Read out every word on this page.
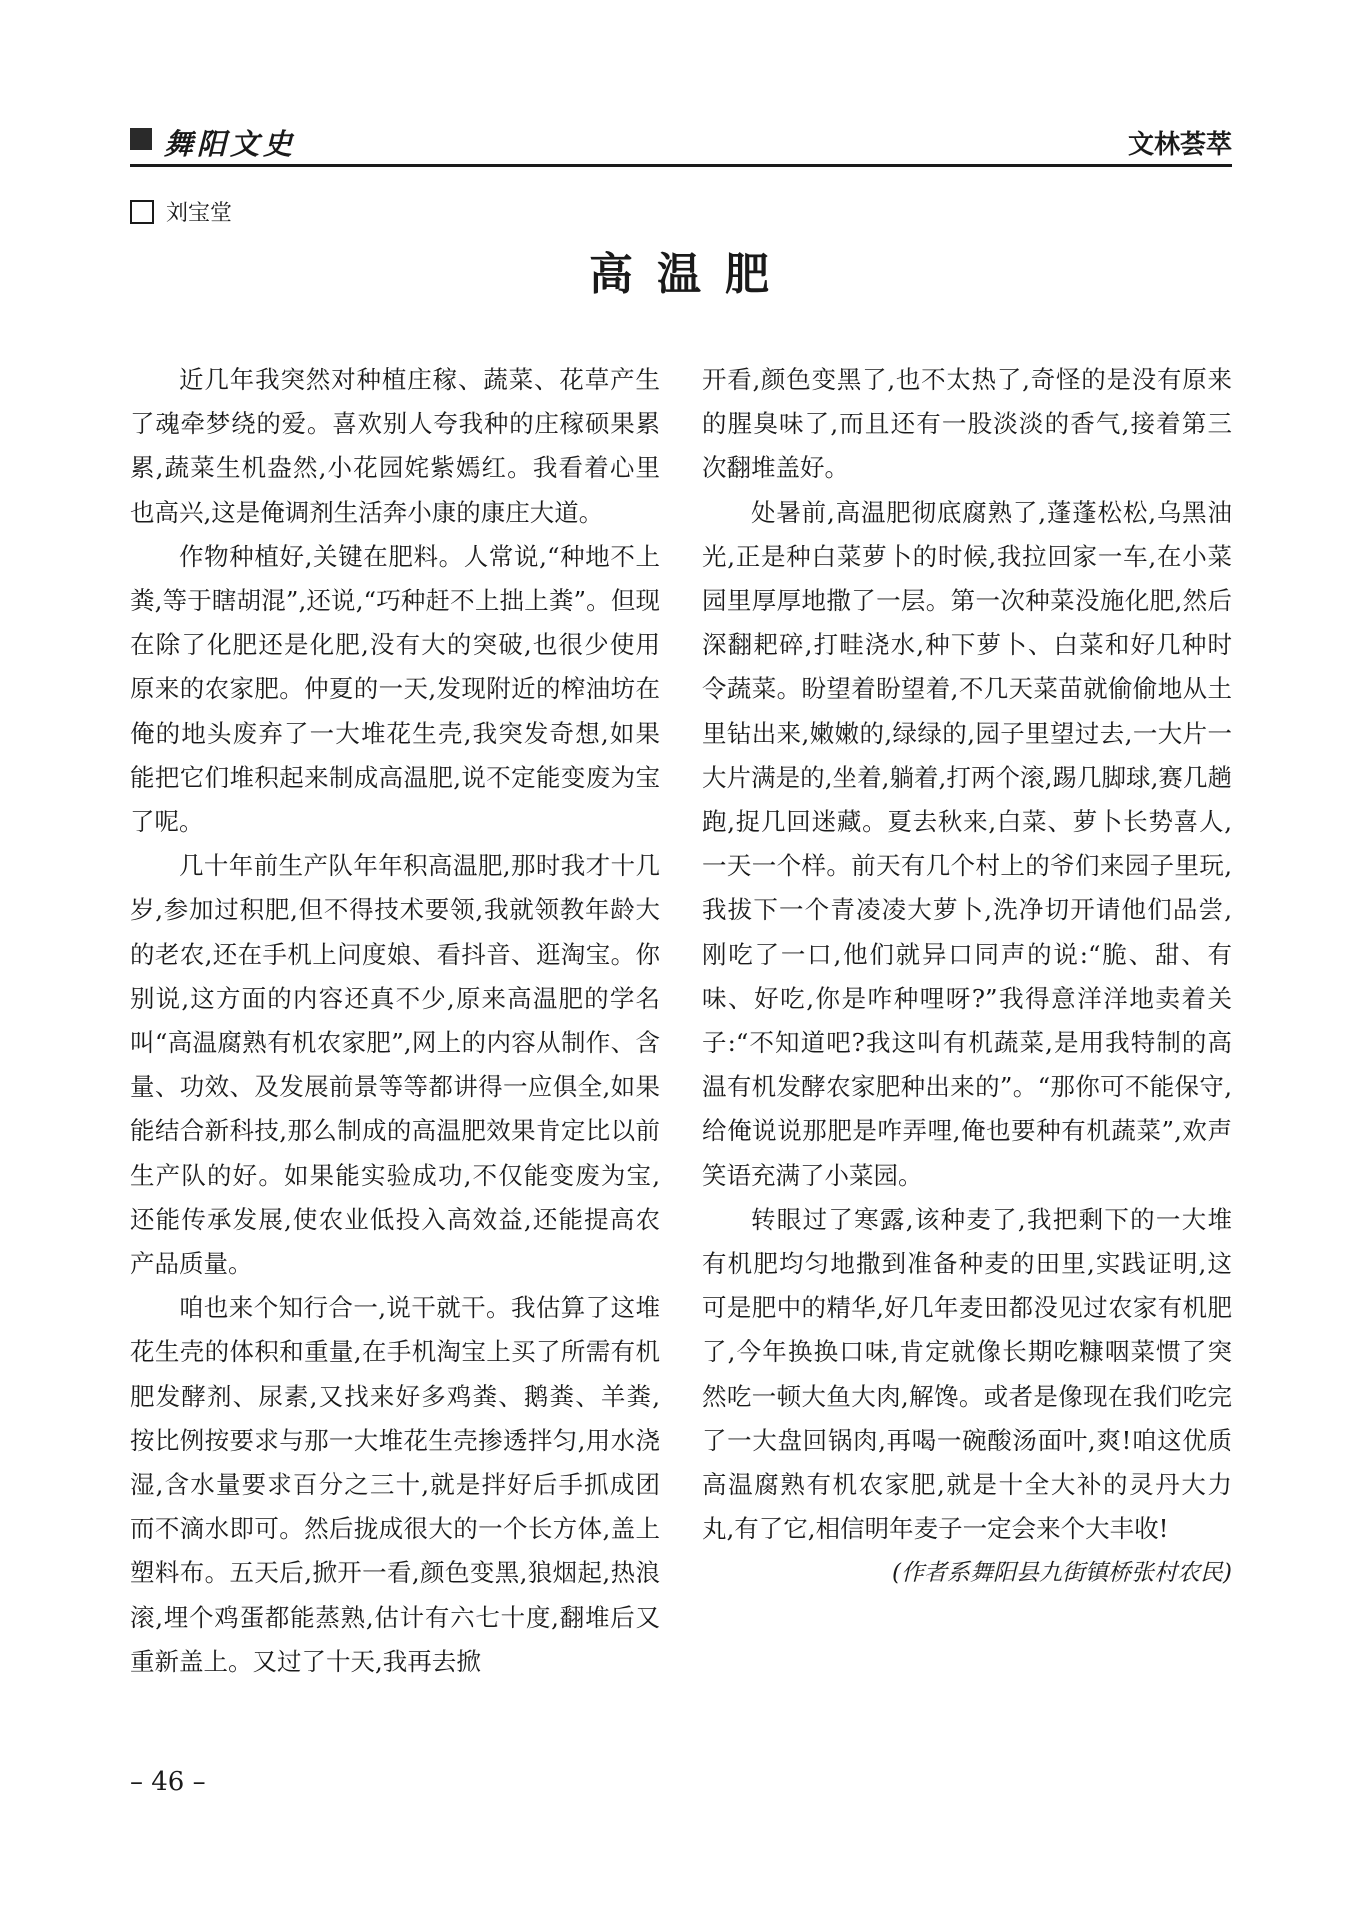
舞阳文史	文林荟萃
刘宝堂
高温肥

近几年我突然对种植庄稼、蔬菜、花草产生了魂牵梦绕的爱。喜欢别人夸我种的庄稼硕果累累,蔬菜生机盎然,小花园姹紫嫣红。我看着心里也高兴,这是俺调剂生活奔小康的康庄大道。

作物种植好,关键在肥料。人常说,“种地不上粪,等于瞎胡混”,还说,“巧种赶不上拙上粪”。但现在除了化肥还是化肥,没有大的突破,也很少使用原来的农家肥。仲夏的一天,发现附近的榨油坊在俺的地头废弃了一大堆花生壳,我突发奇想,如果能把它们堆积起来制成高温肥,说不定能变废为宝了呢。

几十年前生产队年年积高温肥,那时我才十几岁,参加过积肥,但不得技术要领,我就领教年龄大的老农,还在手机上问度娘、看抖音、逛淘宝。你别说,这方面的内容还真不少,原来高温肥的学名叫“高温腐熟有机农家肥”,网上的内容从制作、含量、功效、及发展前景等等都讲得一应俱全,如果能结合新科技,那么制成的高温肥效果肯定比以前生产队的好。如果能实验成功,不仅能变废为宝,还能传承发展,使农业低投入高效益,还能提高农产品质量。

咱也来个知行合一,说干就干。我估算了这堆花生壳的体积和重量,在手机淘宝上买了所需有机肥发酵剂、尿素,又找来好多鸡粪、鹅粪、羊粪,按比例按要求与那一大堆花生壳掺透拌匀,用水浇湿,含水量要求百分之三十,就是拌好后手抓成团而不滴水即可。然后拢成很大的一个长方体,盖上塑料布。五天后,掀开一看,颜色变黑,狼烟起,热浪滚,埋个鸡蛋都能蒸熟,估计有六七十度,翻堆后又重新盖上。又过了十天,我再去掀

开看,颜色变黑了,也不太热了,奇怪的是没有原来的腥臭味了,而且还有一股淡淡的香气,接着第三次翻堆盖好。

处暑前,高温肥彻底腐熟了,蓬蓬松松,乌黑油光,正是种白菜萝卜的时候,我拉回家一车,在小菜园里厚厚地撒了一层。第一次种菜没施化肥,然后深翻耙碎,打畦浇水,种下萝卜、白菜和好几种时令蔬菜。盼望着盼望着,不几天菜苗就偷偷地从土里钻出来,嫩嫩的,绿绿的,园子里望过去,一大片一大片满是的,坐着,躺着,打两个滚,踢几脚球,赛几趟跑,捉几回迷藏。夏去秋来,白菜、萝卜长势喜人,一天一个样。前天有几个村上的爷们来园子里玩,我拔下一个青凌凌大萝卜,洗净切开请他们品尝,刚吃了一口,他们就异口同声的说:“脆、甜、有味、好吃,你是咋种哩呀?”我得意洋洋地卖着关子:“不知道吧?我这叫有机蔬菜,是用我特制的高温有机发酵农家肥种出来的”。“那你可不能保守,给俺说说那肥是咋弄哩,俺也要种有机蔬菜”,欢声笑语充满了小菜园。

转眼过了寒露,该种麦了,我把剩下的一大堆有机肥均匀地撒到准备种麦的田里,实践证明,这可是肥中的精华,好几年麦田都没见过农家有机肥了,今年换换口味,肯定就像长期吃糠咽菜惯了突然吃一顿大鱼大肉,解馋。或者是像现在我们吃完了一大盘回锅肉,再喝一碗酸汤面叶,爽!咱这优质高温腐熟有机农家肥,就是十全大补的灵丹大力丸,有了它,相信明年麦子一定会来个大丰收!

(作者系舞阳县九街镇桥张村农民)

– 46 –
